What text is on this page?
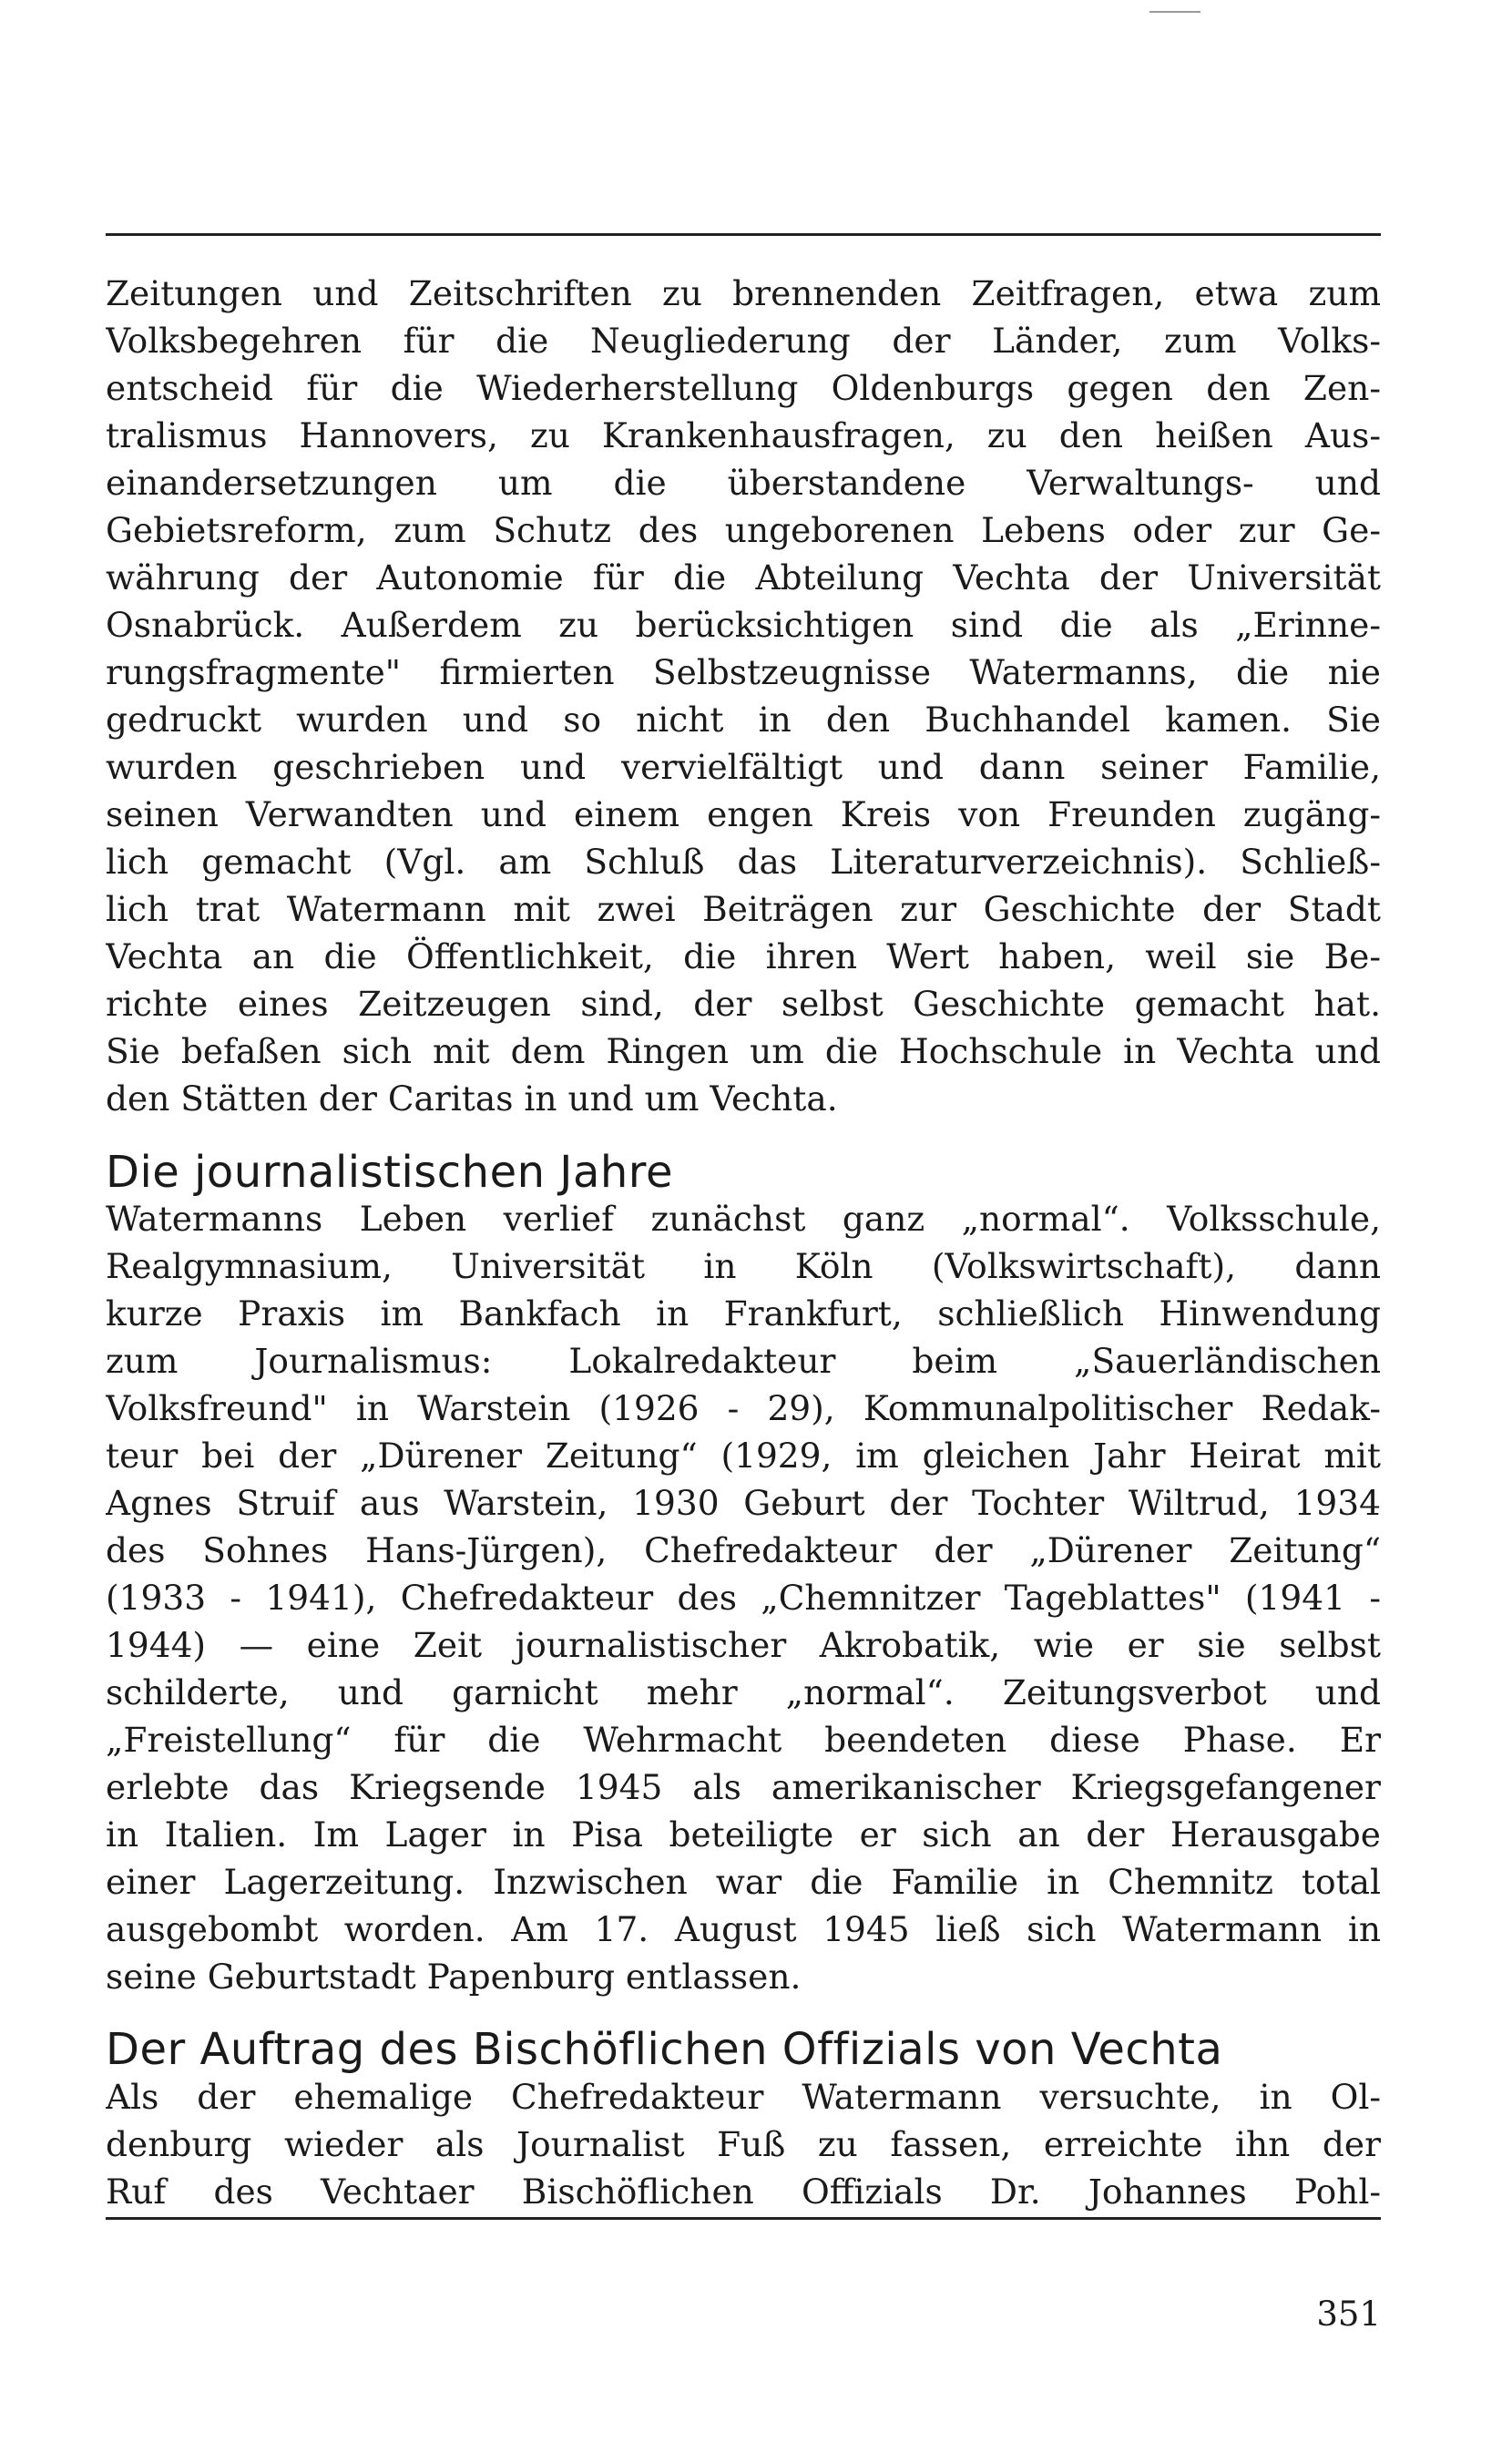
Zeitungen und Zeitschriften zu brennenden Zeitfragen, etwa zum
Volksbegehren für die Neugliederung der Länder, zum Volks-
entscheid für die Wiederherstellung Oldenburgs gegen den Zen-
tralismus Hannovers, zu Krankenhausfragen, zu den heißen Aus-
einandersetzungen um die überstandene Verwaltungs- und
Gebietsreform, zum Schutz des ungeborenen Lebens oder zur Ge-
währung der Autonomie für die Abteilung Vechta der Universität
Osnabrück. Außerdem zu berücksichtigen sind die als „Erinne-
rungsfragmente" firmierten Selbstzeugnisse Watermanns, die nie
gedruckt wurden und so nicht in den Buchhandel kamen. Sie
wurden geschrieben und vervielfältigt und dann seiner Familie,
seinen Verwandten und einem engen Kreis von Freunden zugäng-
lich gemacht (Vgl. am Schluß das Literaturverzeichnis). Schließ-
lich trat Watermann mit zwei Beiträgen zur Geschichte der Stadt
Vechta an die Öffentlichkeit, die ihren Wert haben, weil sie Be-
richte eines Zeitzeugen sind, der selbst Geschichte gemacht hat.
Sie befaßen sich mit dem Ringen um die Hochschule in Vechta und
den Stätten der Caritas in und um Vechta.
Die journalistischen Jahre
Watermanns Leben verlief zunächst ganz „normal“. Volksschule,
Realgymnasium, Universität in Köln (Volkswirtschaft), dann
kurze Praxis im Bankfach in Frankfurt, schließlich Hinwendung
zum Journalismus: Lokalredakteur beim „Sauerländischen
Volksfreund" in Warstein (1926 - 29), Kommunalpolitischer Redak-
teur bei der „Dürener Zeitung“ (1929, im gleichen Jahr Heirat mit
Agnes Struif aus Warstein, 1930 Geburt der Tochter Wiltrud, 1934
des Sohnes Hans-Jürgen), Chefredakteur der „Dürener Zeitung“
(1933 - 1941), Chefredakteur des „Chemnitzer Tageblattes" (1941 -
1944) — eine Zeit journalistischer Akrobatik, wie er sie selbst
schilderte, und garnicht mehr „normal“. Zeitungsverbot und
„Freistellung“ für die Wehrmacht beendeten diese Phase. Er
erlebte das Kriegsende 1945 als amerikanischer Kriegsgefangener
in Italien. Im Lager in Pisa beteiligte er sich an der Herausgabe
einer Lagerzeitung. Inzwischen war die Familie in Chemnitz total
ausgebombt worden. Am 17. August 1945 ließ sich Watermann in
seine Geburtstadt Papenburg entlassen.
Der Auftrag des Bischöflichen Offizials von Vechta
Als der ehemalige Chefredakteur Watermann versuchte, in Ol-
denburg wieder als Journalist Fuß zu fassen, erreichte ihn der
Ruf des Vechtaer Bischöflichen Offizials Dr. Johannes Pohl-
351
